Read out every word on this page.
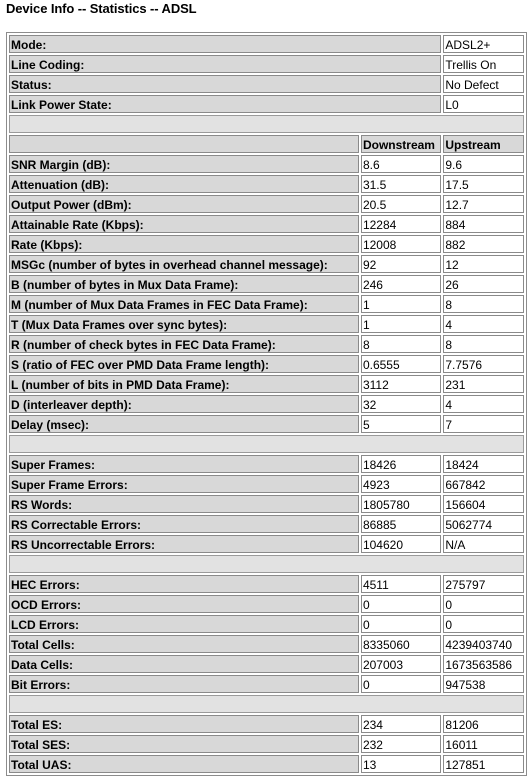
Device Info -- Statistics -- ADSL
Mode:		ADSL2+
Line Coding:		Trellis On
Status:		No Defect
Link Power State:		L0

	Downstream	Upstream
SNR Margin (dB):	8.6	9.6
Attenuation (dB):	31.5	17.5
Output Power (dBm):	20.5	12.7
Attainable Rate (Kbps):	12284	884
Rate (Kbps):	12008	882
MSGc (number of bytes in overhead channel message):	92	12
B (number of bytes in Mux Data Frame):	246	26
M (number of Mux Data Frames in FEC Data Frame):	1	8
T (Mux Data Frames over sync bytes):	1	4
R (number of check bytes in FEC Data Frame):	8	8
S (ratio of FEC over PMD Data Frame length):	0.6555	7.7576
L (number of bits in PMD Data Frame):	3112	231
D (interleaver depth):	32	4
Delay (msec):	5	7

Super Frames:	18426	18424
Super Frame Errors:	4923	667842
RS Words:	1805780	156604
RS Correctable Errors:	86885	5062774
RS Uncorrectable Errors:	104620	N/A

HEC Errors:	4511	275797
OCD Errors:	0	0
LCD Errors:	0	0
Total Cells:	8335060	4239403740
Data Cells:	207003	1673563586
Bit Errors:	0	947538

Total ES:	234	81206
Total SES:	232	16011
Total UAS:	13	127851
